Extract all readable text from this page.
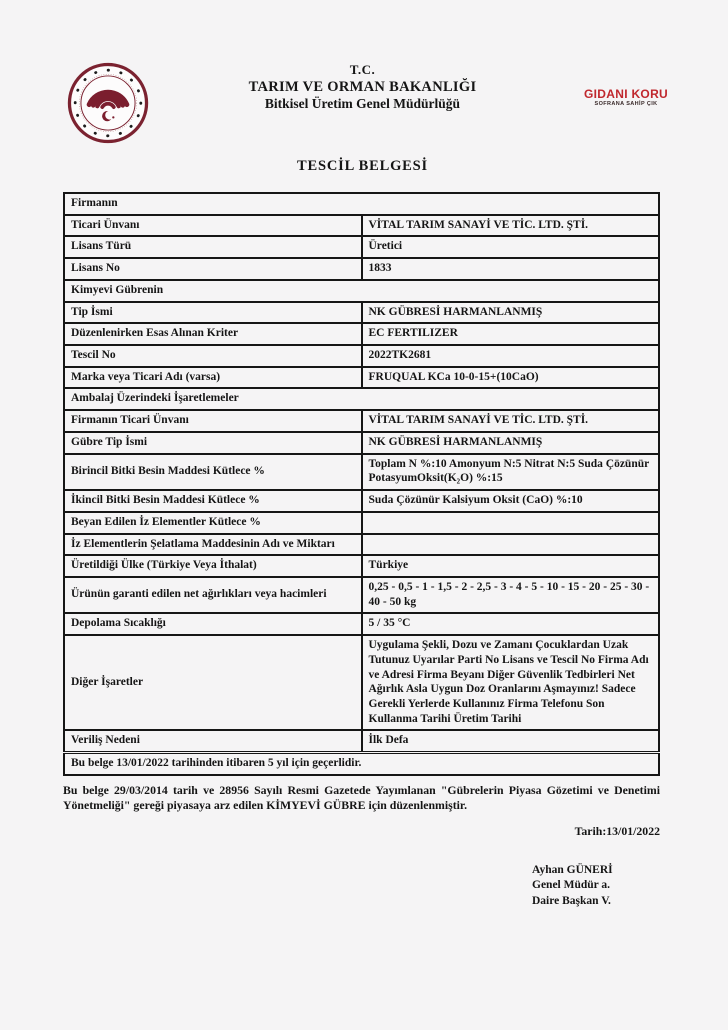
T.C.
TARIM VE ORMAN BAKANLIĞI
Bitkisel Üretim Genel Müdürlüğü
GIDANI KORU
SOFRANA SAHİP ÇIK
TESCİL BELGESİ
Firmanın	
Ticari Ünvanı	VİTAL TARIM SANAYİ VE TİC. LTD. ŞTİ.
Lisans Türü	Üretici
Lisans No	1833
Kimyevi Gübrenin	
Tip İsmi	NK GÜBRESİ HARMANLANMIŞ
Düzenlenirken Esas Alınan Kriter	EC FERTILIZER
Tescil No	2022TK2681
Marka veya Ticari Adı (varsa)	FRUQUAL KCa 10-0-15+(10CaO)
Ambalaj Üzerindeki İşaretlemeler	
Firmanın Ticari Ünvanı	VİTAL TARIM SANAYİ VE TİC. LTD. ŞTİ.
Gübre Tip İsmi	NK GÜBRESİ HARMANLANMIŞ
Birincil Bitki Besin Maddesi Kütlece %	Toplam N %:10 Amonyum N:5 Nitrat N:5 Suda Çözünür PotasyumOksit(K₂O) %:15
İkincil Bitki Besin Maddesi Kütlece %	Suda Çözünür Kalsiyum Oksit (CaO) %:10
Beyan Edilen İz Elementler Kütlece %	
İz Elementlerin Şelatlama Maddesinin Adı ve Miktarı	
Üretildiği Ülke (Türkiye Veya İthalat)	Türkiye
Ürünün garanti edilen net ağırlıkları veya hacimleri	0,25 - 0,5 - 1 - 1,5 - 2 - 2,5 - 3 - 4 - 5 - 10 - 15 - 20 - 25 - 30 - 40 - 50 kg
Depolama Sıcaklığı	5 / 35 °C
Diğer İşaretler	Uygulama Şekli, Dozu ve Zamanı Çocuklardan Uzak Tutunuz Uyarılar Parti No Lisans ve Tescil No Firma Adı ve Adresi Firma Beyanı Diğer Güvenlik Tedbirleri Net Ağırlık Asla Uygun Doz Oranlarını Aşmayınız! Sadece Gerekli Yerlerde Kullanınız Firma Telefonu Son Kullanma Tarihi Üretim Tarihi
Veriliş Nedeni	İlk Defa
Bu belge 13/01/2022 tarihinden itibaren 5 yıl için geçerlidir.	

Bu belge 29/03/2014 tarih ve 28956 Sayılı Resmi Gazetede Yayımlanan "Gübrelerin Piyasa Gözetimi ve Denetimi Yönetmeliği" gereği piyasaya arz edilen KİMYEVİ GÜBRE için düzenlenmiştir.

Tarih:13/01/2022
Ayhan GÜNERİ
Genel Müdür a.
Daire Başkan V.
